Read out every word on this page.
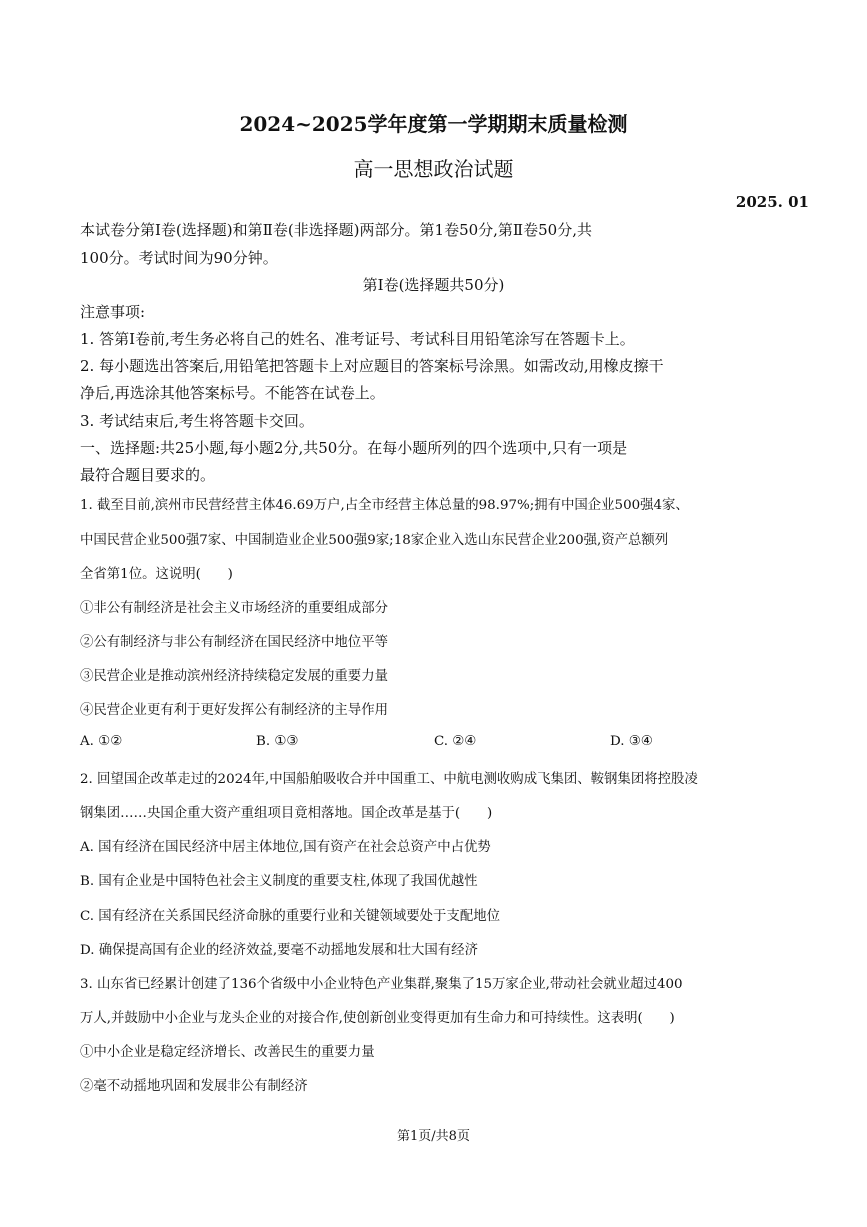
2024~2025学年度第一学期期末质量检测
高一思想政治试题
2025. 01
本试卷分第Ⅰ卷(选择题)和第Ⅱ卷(非选择题)两部分。第1卷50分,第Ⅱ卷50分,共
100分。考试时间为90分钟。
第Ⅰ卷(选择题共50分)
注意事项:
1. 答第I卷前,考生务必将自己的姓名、准考证号、考试科目用铅笔涂写在答题卡上。
2. 每小题选出答案后,用铅笔把答题卡上对应题目的答案标号涂黑。如需改动,用橡皮擦干
净后,再选涂其他答案标号。不能答在试卷上。
3. 考试结束后,考生将答题卡交回。
一、选择题:共25小题,每小题2分,共50分。在每小题所列的四个选项中,只有一项是
最符合题目要求的。
1. 截至目前,滨州市民营经营主体46.69万户,占全市经营主体总量的98.97%;拥有中国企业500强4家、
中国民营企业500强7家、中国制造业企业500强9家;18家企业入选山东民营企业200强,资产总额列
全省第1位。这说明(　　)
①非公有制经济是社会主义市场经济的重要组成部分
②公有制经济与非公有制经济在国民经济中地位平等
③民营企业是推动滨州经济持续稳定发展的重要力量
④民营企业更有利于更好发挥公有制经济的主导作用
A. ①②	B. ①③	C. ②④	D. ③④
2. 回望国企改革走过的2024年,中国船舶吸收合并中国重工、中航电测收购成飞集团、鞍钢集团将控股凌
钢集团……央国企重大资产重组项目竟相落地。国企改革是基于(　　)
A. 国有经济在国民经济中居主体地位,国有资产在社会总资产中占优势
B. 国有企业是中国特色社会主义制度的重要支柱,体现了我国优越性
C. 国有经济在关系国民经济命脉的重要行业和关键领域要处于支配地位
D. 确保提高国有企业的经济效益,要毫不动摇地发展和壮大国有经济
3. 山东省已经累计创建了136个省级中小企业特色产业集群,聚集了15万家企业,带动社会就业超过400
万人,并鼓励中小企业与龙头企业的对接合作,使创新创业变得更加有生命力和可持续性。这表明(　　)
①中小企业是稳定经济增长、改善民生的重要力量
②毫不动摇地巩固和发展非公有制经济
第1页/共8页
